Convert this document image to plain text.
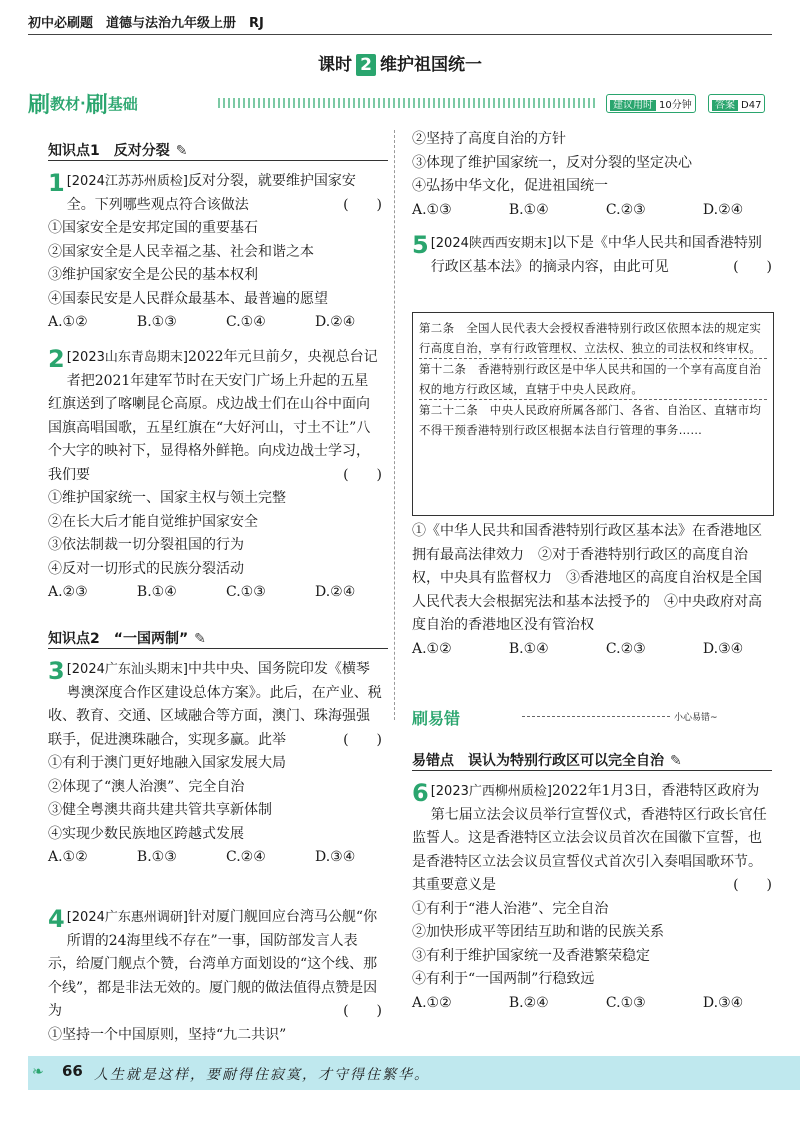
初中必刷题　道德与法治九年级上册　RJ
课时 2 维护祖国统一
刷教材·刷基础	建议用时 10分钟	答案 D47
知识点1　反对分裂 ✎
1 [2024江苏苏州质检]反对分裂，就要维护国家安全。下列哪些观点符合该做法	(　　)
①国家安全是安邦定国的重要基石
②国家安全是人民幸福之基、社会和谐之本
③维护国家安全是公民的基本权利
④国泰民安是人民群众最基本、最普遍的愿望
A.①②	B.①③	C.①④	D.②④
2 [2023山东青岛期末]2022年元旦前夕，央视总台记者把2021年建军节时在天安门广场上升起的五星红旗送到了喀喇昆仑高原。戍边战士们在山谷中面向国旗高唱国歌，五星红旗在“大好河山，寸土不让”八个大字的映衬下，显得格外鲜艳。向戍边战士学习，我们要	(　　)
①维护国家统一、国家主权与领土完整
②在长大后才能自觉维护国家安全
③依法制裁一切分裂祖国的行为
④反对一切形式的民族分裂活动
A.②③	B.①④	C.①③	D.②④
知识点2　“一国两制” ✎
3 [2024广东汕头期末]中共中央、国务院印发《横琴粤澳深度合作区建设总体方案》。此后，在产业、税收、教育、交通、区域融合等方面，澳门、珠海强强联手，促进澳珠融合，实现多赢。此举	(　　)
①有利于澳门更好地融入国家发展大局
②体现了“澳人治澳”、完全自治
③健全粤澳共商共建共管共享新体制
④实现少数民族地区跨越式发展
A.①②	B.①③	C.②④	D.③④
4 [2024广东惠州调研]针对厦门舰回应台湾马公舰“你所谓的24海里线不存在”一事，国防部发言人表示，给厦门舰点个赞，台湾单方面划设的“这个线、那个线”，都是非法无效的。厦门舰的做法值得点赞是因为	(　　)
①坚持一个中国原则，坚持“九二共识”
②坚持了高度自治的方针
③体现了维护国家统一，反对分裂的坚定决心
④弘扬中华文化，促进祖国统一
A.①③	B.①④	C.②③	D.②④
5 [2024陕西西安期末]以下是《中华人民共和国香港特别行政区基本法》的摘录内容，由此可见	(　　)
第二条　全国人民代表大会授权香港特别行政区依照本法的规定实行高度自治，享有行政管理权、立法权、独立的司法权和终审权。
第十二条　香港特别行政区是中华人民共和国的一个享有高度自治权的地方行政区域，直辖于中央人民政府。
第二十二条　中央人民政府所属各部门、各省、自治区、直辖市均不得干预香港特别行政区根据本法自行管理的事务……
①《中华人民共和国香港特别行政区基本法》在香港地区拥有最高法律效力　②对于香港特别行政区的高度自治权，中央具有监督权力　③香港地区的高度自治权是全国人民代表大会根据宪法和基本法授予的　④中央政府对高度自治的香港地区没有管治权
A.①②	B.①④	C.②③	D.③④
刷易错	小心易错~
易错点　误认为特别行政区可以完全自治 ✎
6 [2023广西柳州质检]2022年1月3日，香港特区政府为第七届立法会议员举行宣誓仪式，香港特区行政长官任监誓人。这是香港特区立法会议员首次在国徽下宣誓，也是香港特区立法会议员宣誓仪式首次引入奏唱国歌环节。其重要意义是	(　　)
①有利于“港人治港”、完全自治
②加快形成平等团结互助和谐的民族关系
③有利于维护国家统一及香港繁荣稳定
④有利于“一国两制”行稳致远
A.①②	B.②④	C.①③	D.③④
❧ 66 人生就是这样，要耐得住寂寞，才守得住繁华。
